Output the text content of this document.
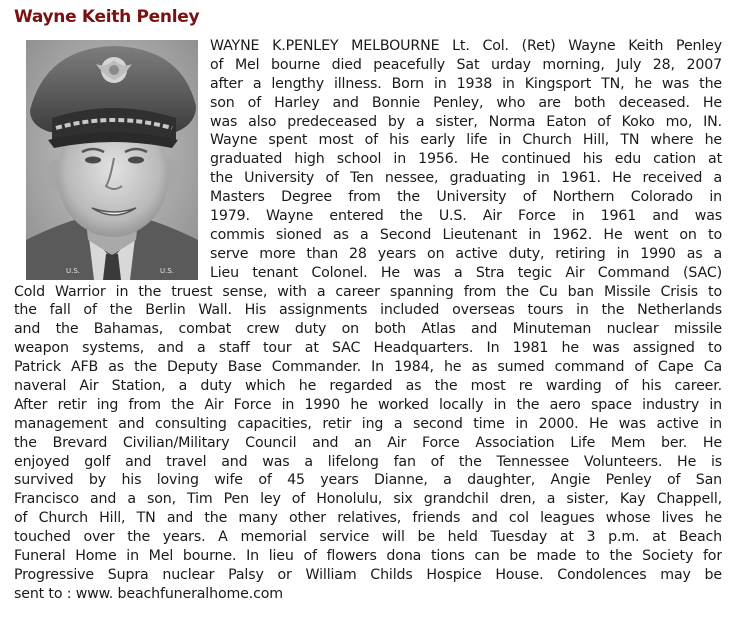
Wayne Keith Penley
U.S.	U.S.
WAYNE K.PENLEY MELBOURNE Lt. Col. (Ret) Wayne Keith Penley
of Mel bourne died peacefully Sat urday morning, July 28, 2007
after a lengthy illness. Born in 1938 in Kingsport TN, he was the
son of Harley and Bonnie Penley, who are both deceased. He
was also predeceased by a sister, Norma Eaton of Koko mo, IN.
Wayne spent most of his early life in Church Hill, TN where he
graduated high school in 1956. He continued his edu cation at
the University of Ten nessee, graduating in 1961. He received a
Masters Degree from the University of Northern Colorado in
1979. Wayne entered the U.S. Air Force in 1961 and was
commis sioned as a Second Lieutenant in 1962. He went on to
serve more than 28 years on active duty, retiring in 1990 as a
Lieu tenant Colonel. He was a Stra tegic Air Command (SAC)
Cold Warrior in the truest sense, with a career spanning from the Cu ban Missile Crisis to
the fall of the Berlin Wall. His assignments included overseas tours in the Netherlands
and the Bahamas, combat crew duty on both Atlas and Minuteman nuclear missile
weapon systems, and a staff tour at SAC Headquarters. In 1981 he was assigned to
Patrick AFB as the Deputy Base Commander. In 1984, he as sumed command of Cape Ca
naveral Air Station, a duty which he regarded as the most re warding of his career.
After retir ing from the Air Force in 1990 he worked locally in the aero space industry in
management and consulting capacities, retir ing a second time in 2000. He was active in
the Brevard Civilian/Military Council and an Air Force Association Life Mem ber. He
enjoyed golf and travel and was a lifelong fan of the Tennessee Volunteers. He is
survived by his loving wife of 45 years Dianne, a daughter, Angie Penley of San
Francisco and a son, Tim Pen ley of Honolulu, six grandchil dren, a sister, Kay Chappell,
of Church Hill, TN and the many other relatives, friends and col leagues whose lives he
touched over the years. A memorial service will be held Tuesday at 3 p.m. at Beach
Funeral Home in Mel bourne. In lieu of flowers dona tions can be made to the Society for
Progressive Supra nuclear Palsy or William Childs Hospice House. Condolences may be
sent to : www. beachfuneralhome.com
